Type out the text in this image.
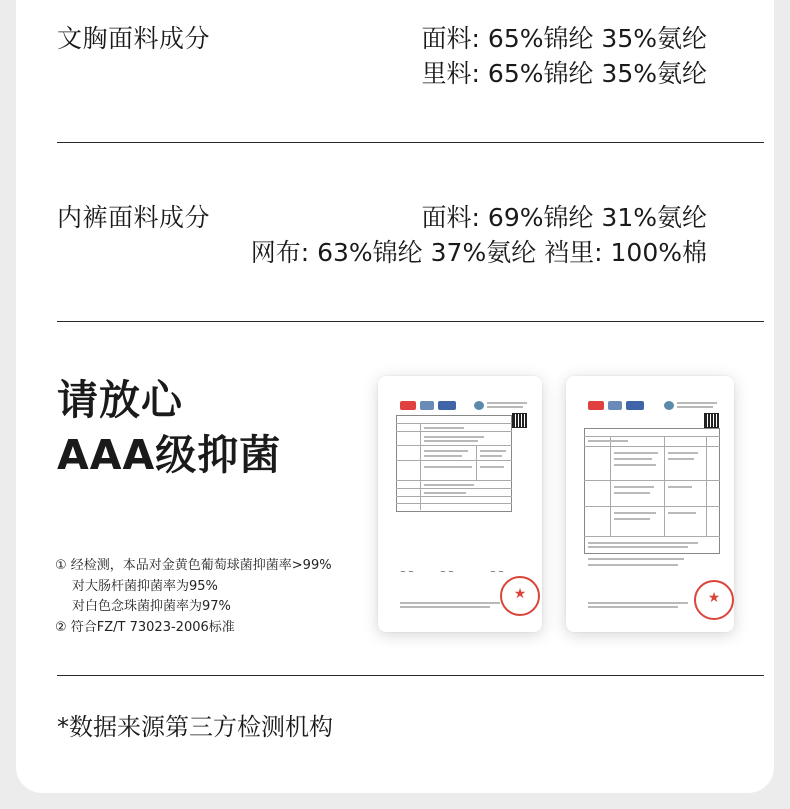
文胸面料成分	面料: 65%锦纶 35%氨纶
里料: 65%锦纶 35%氨纶
内裤面料成分	面料: 69%锦纶 31%氨纶
网布: 63%锦纶 37%氨纶 裆里: 100%棉
请放心
AAA级抑菌
① 经检测，本品对金黄色葡萄球菌抑菌率>99%
对大肠杆菌抑菌率为95%
对白色念珠菌抑菌率为97%
② 符合FZ/T 73023-2006标准
~ ~	~ ~	~ ~
★
★
*数据来源第三方检测机构
